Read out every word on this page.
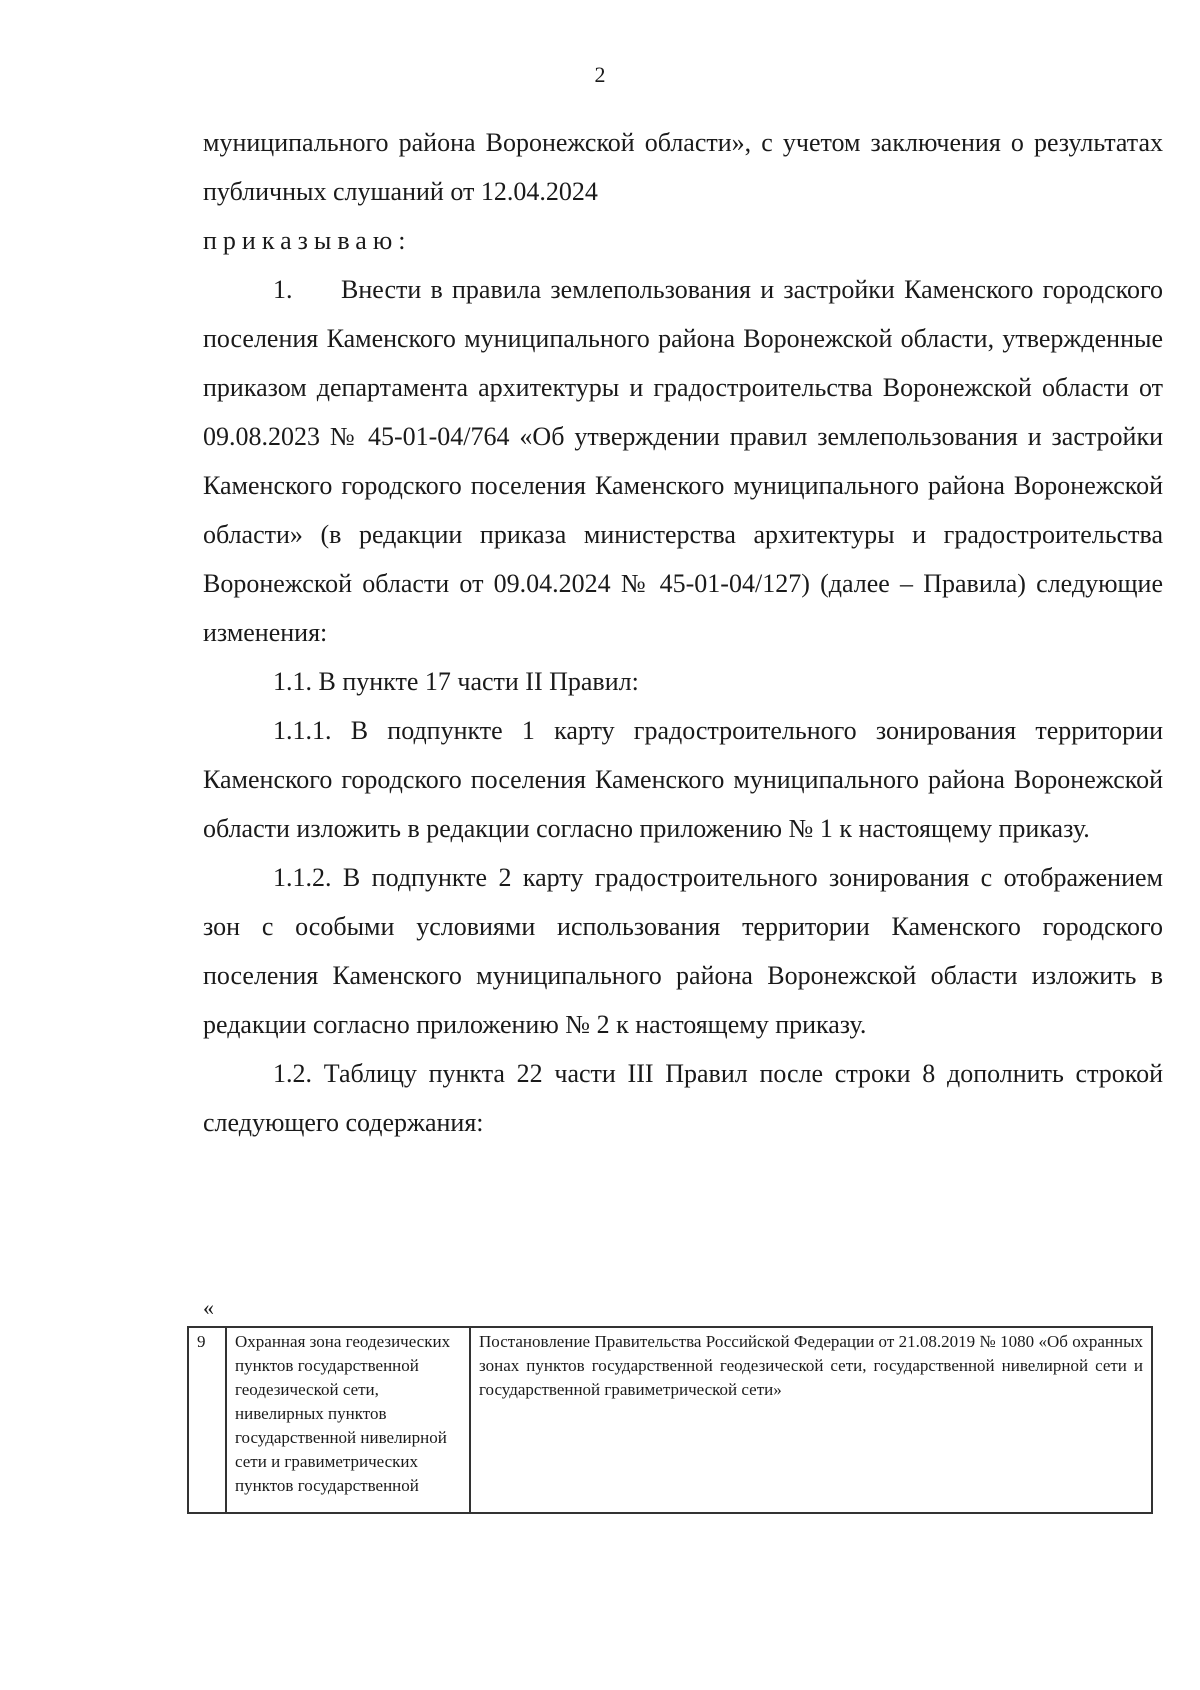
2

муниципального района Воронежской области», с учетом заключения о результатах публичных слушаний от 12.04.2024

приказываю:

1. Внести в правила землепользования и застройки Каменского городского поселения Каменского муниципального района Воронежской области, утвержденные приказом департамента архитектуры и градостроительства Воронежской области от 09.08.2023 № 45-01-04/764 «Об утверждении правил землепользования и застройки Каменского городского поселения Каменского муниципального района Воронежской области» (в редакции приказа министерства архитектуры и градостроительства Воронежской области от 09.04.2024 № 45-01-04/127) (далее – Правила) следующие изменения:

1.1. В пункте 17 части II Правил:

1.1.1. В подпункте 1 карту градостроительного зонирования территории Каменского городского поселения Каменского муниципального района Воронежской области изложить в редакции согласно приложению № 1 к настоящему приказу.

1.1.2. В подпункте 2 карту градостроительного зонирования с отображением зон с особыми условиями использования территории Каменского городского поселения Каменского муниципального района Воронежской области изложить в редакции согласно приложению № 2 к настоящему приказу.

1.2. Таблицу пункта 22 части III Правил после строки 8 дополнить строкой следующего содержания:

«
9	Охранная зона геодезических пунктов государственной геодезической сети, нивелирных пунктов государственной нивелирной сети и гравиметрических пунктов государственной	Постановление Правительства Российской Федерации от 21.08.2019 № 1080 «Об охранных зонах пунктов государственной геодезической сети, государственной нивелирной сети и государственной гравиметрической сети»
